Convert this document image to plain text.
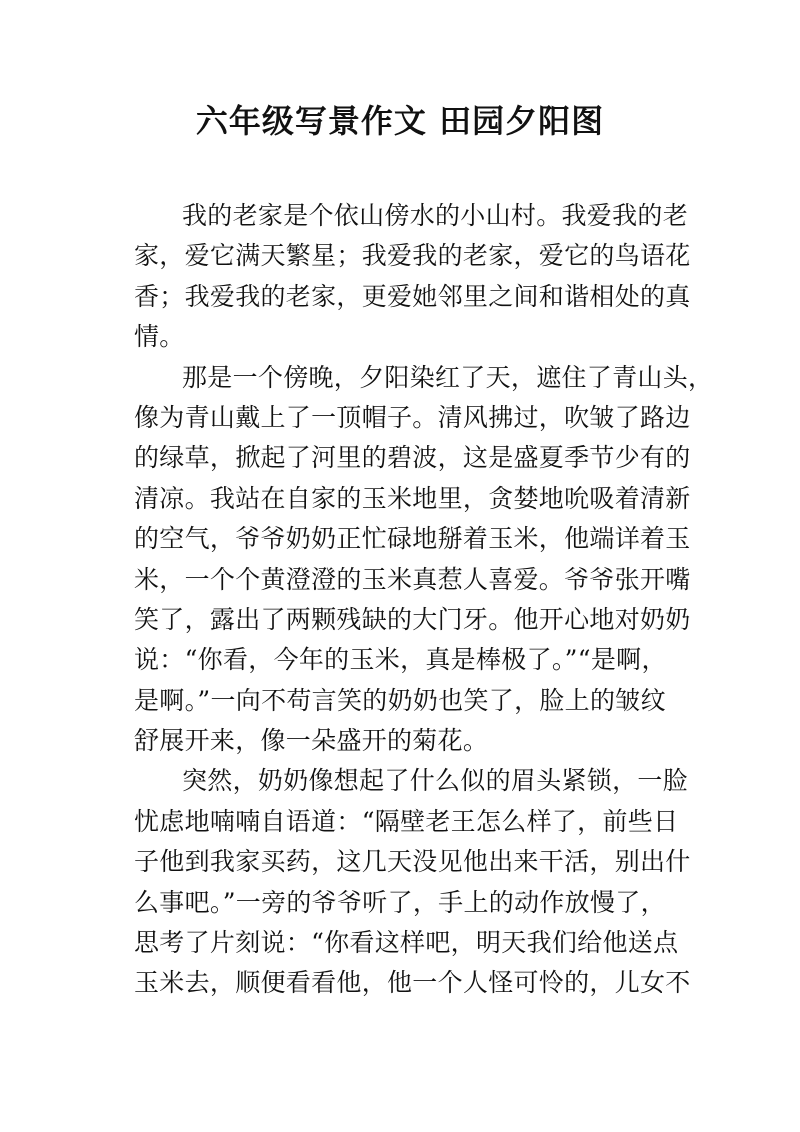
六年级写景作文 田园夕阳图
我的老家是个依山傍水的小山村。我爱我的老
家，爱它满天繁星；我爱我的老家，爱它的鸟语花
香；我爱我的老家，更爱她邻里之间和谐相处的真
情。
那是一个傍晚，夕阳染红了天，遮住了青山头，
像为青山戴上了一顶帽子。清风拂过，吹皱了路边
的绿草，掀起了河里的碧波，这是盛夏季节少有的
清凉。我站在自家的玉米地里，贪婪地吮吸着清新
的空气，爷爷奶奶正忙碌地掰着玉米，他端详着玉
米，一个个黄澄澄的玉米真惹人喜爱。爷爷张开嘴
笑了，露出了两颗残缺的大门牙。他开心地对奶奶
说：“你看，今年的玉米，真是棒极了。”“是啊，
是啊。”一向不苟言笑的奶奶也笑了，脸上的皱纹
舒展开来，像一朵盛开的菊花。
突然，奶奶像想起了什么似的眉头紧锁，一脸
忧虑地喃喃自语道：“隔壁老王怎么样了，前些日
子他到我家买药，这几天没见他出来干活，别出什
么事吧。”一旁的爷爷听了，手上的动作放慢了，
思考了片刻说：“你看这样吧，明天我们给他送点
玉米去，顺便看看他，他一个人怪可怜的，儿女不
